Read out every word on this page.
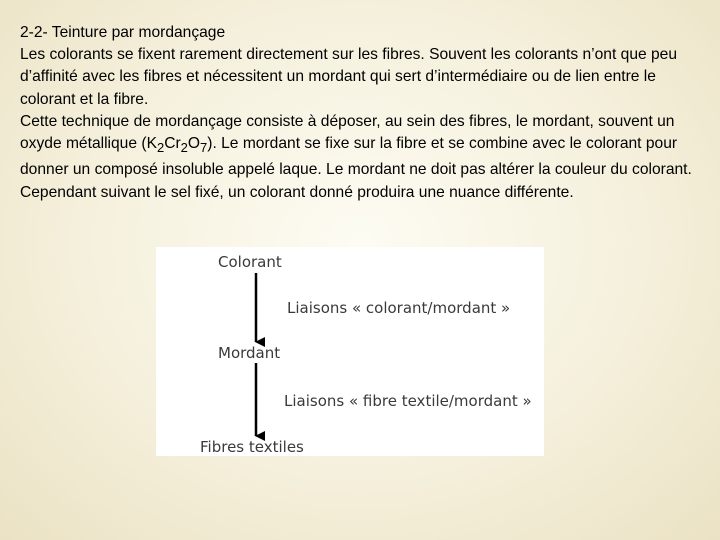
2-2- Teinture par mordançage

Les colorants se fixent rarement directement sur les fibres. Souvent les colorants n’ont que peu d’affinité avec les fibres et nécessitent un mordant qui sert d’intermédiaire ou de lien entre le colorant et la fibre.

Cette technique de mordançage consiste à déposer, au sein des fibres, le mordant, souvent un oxyde métallique $(K_2Cr_2O_7)$. Le mordant se fixe sur la fibre et se combine avec le colorant pour donner un composé insoluble appelé laque. Le mordant ne doit pas altérer la couleur du colorant. Cependant suivant le sel fixé, un colorant donné produira une nuance différente.

Colorant
Liaisons « colorant/mordant »
Mordant
Liaisons « fibre textile/mordant »
Fibres textiles
